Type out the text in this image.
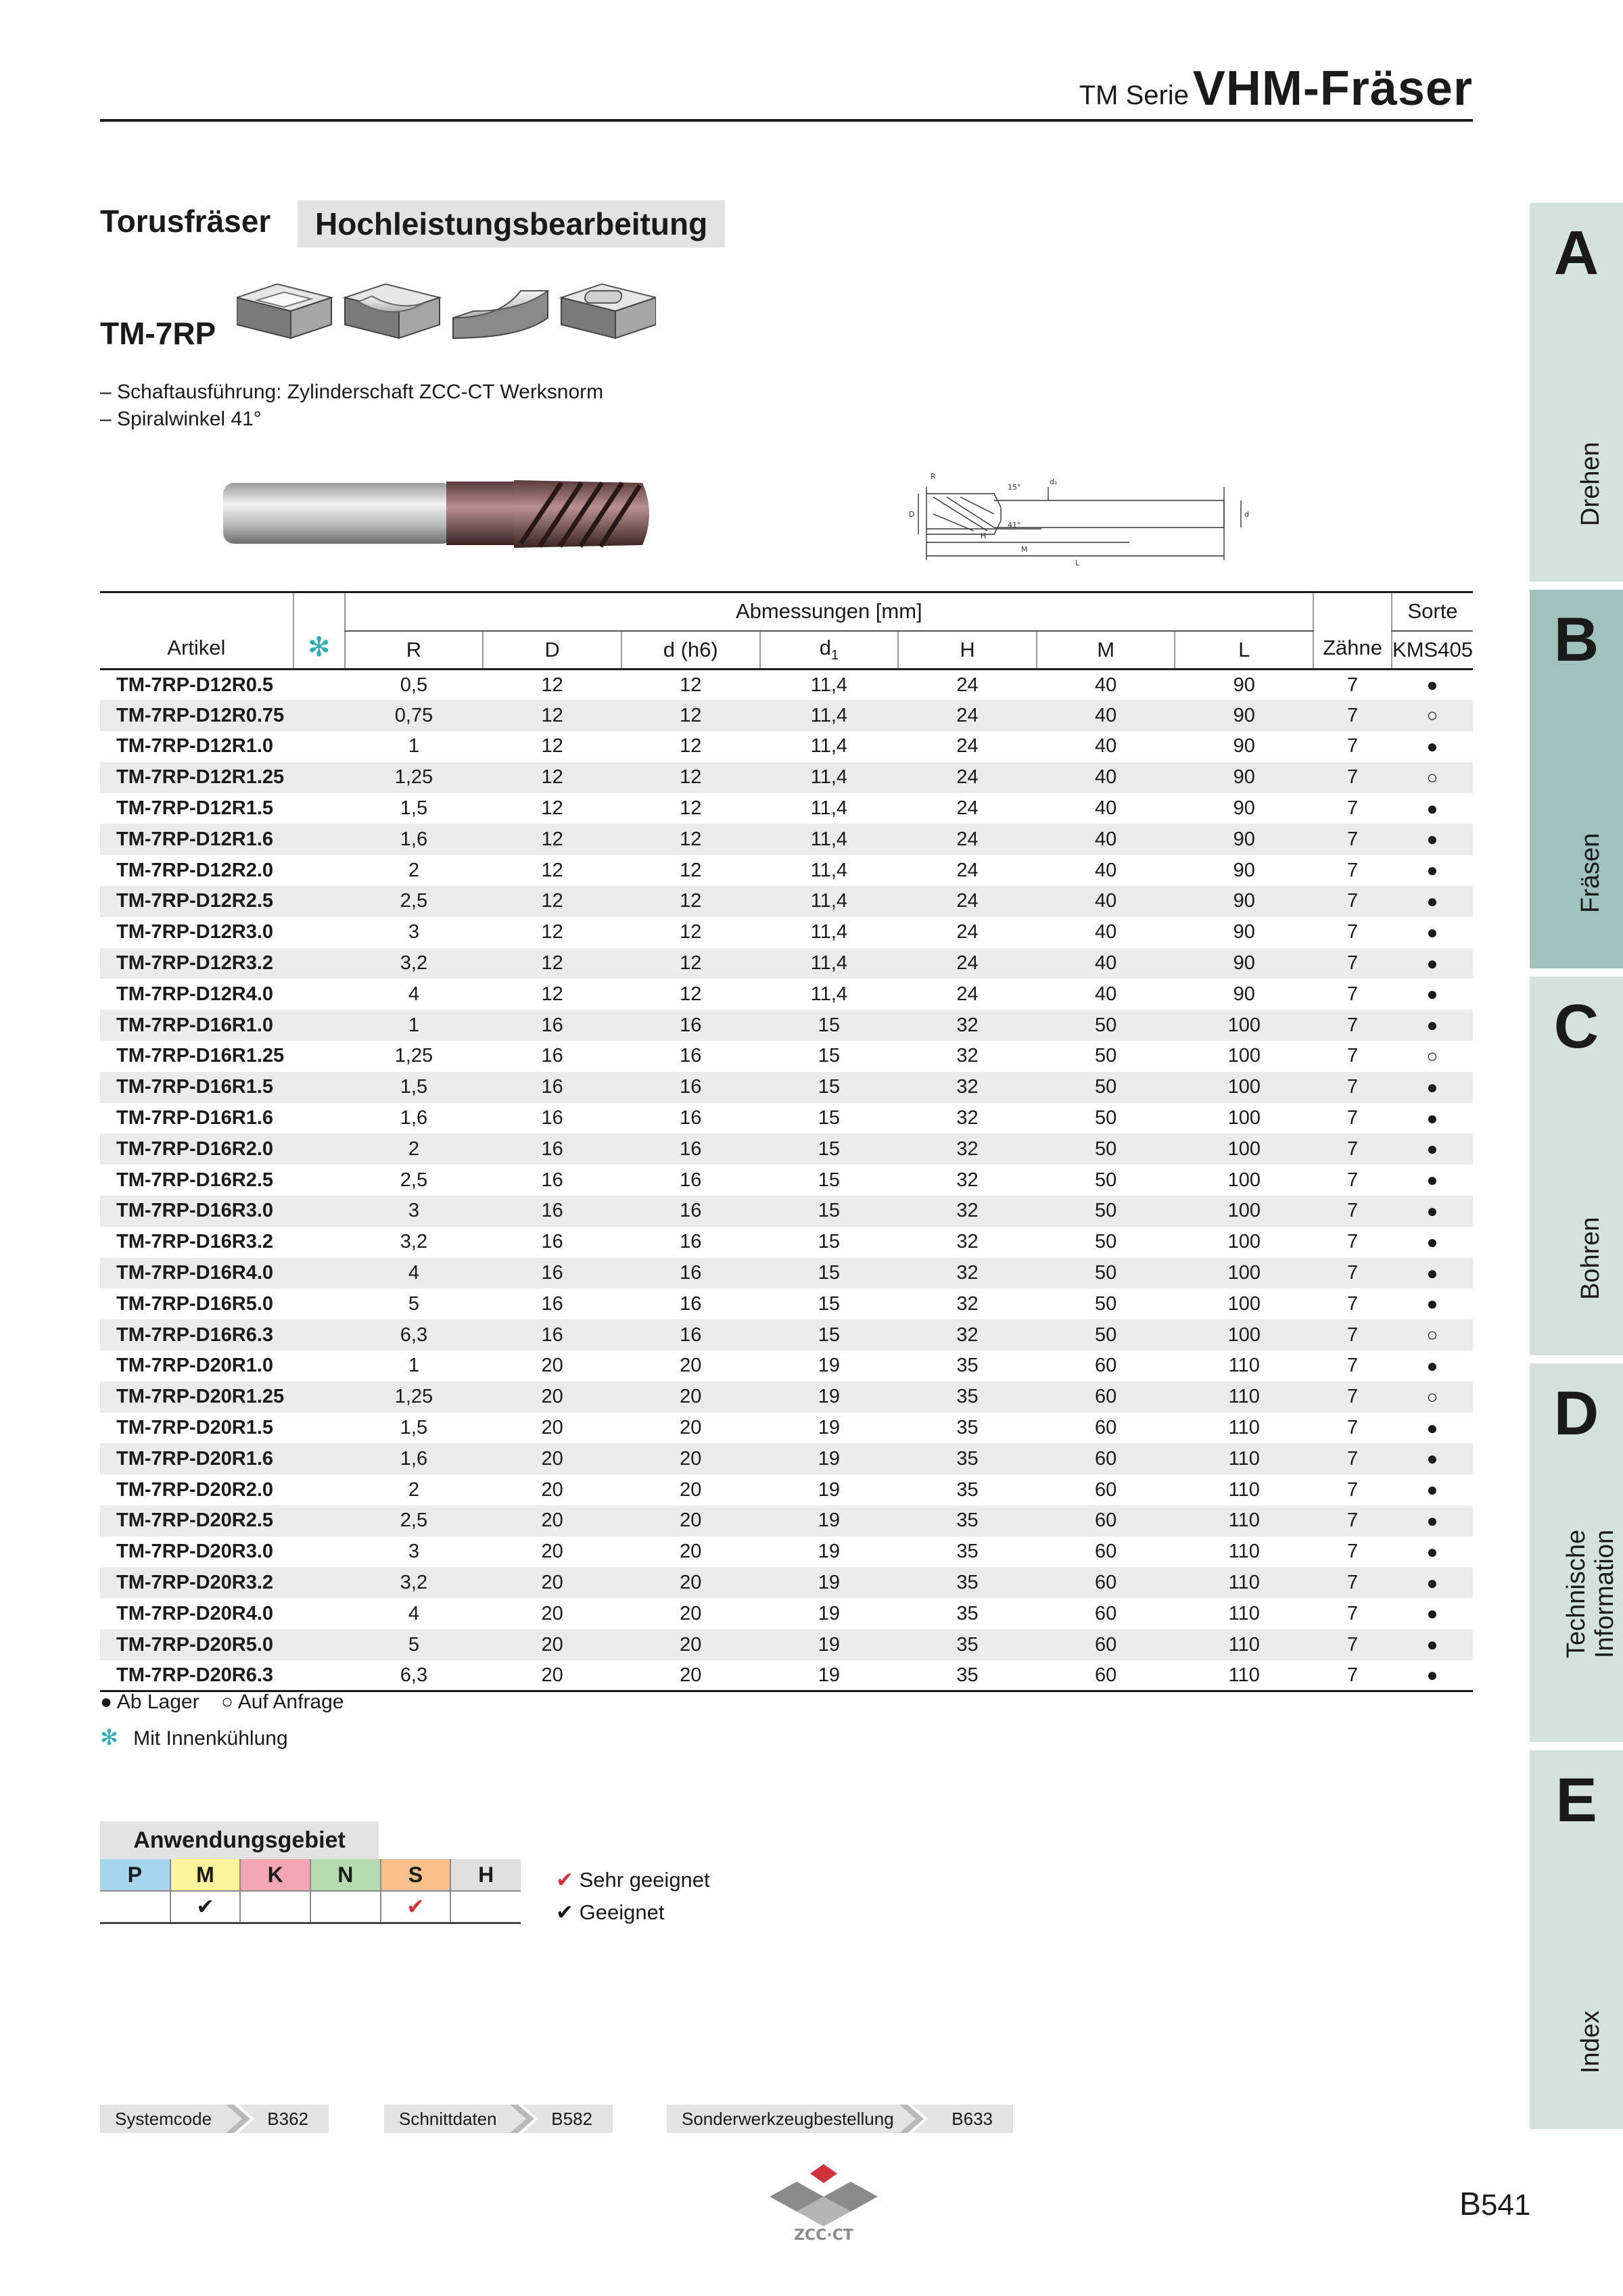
TM Serie VHM-Fräser
Torusfräser	Hochleistungsbearbeitung
TM-7RP
– Schaftausführung: Zylinderschaft ZCC-CT Werksnorm
– Spiralwinkel 41°
R
15°
d₁
D	d
41°
H
M
L
Artikel	✻	Abmessungen [mm]							Zähne	Sorte
		R	D	d (h6)	$d_1$	H	M	L		KMS405
TM-7RP-D12R0.5		0,5	12	12	11,4	24	40	90	7	●
TM-7RP-D12R0.75		0,75	12	12	11,4	24	40	90	7	○
TM-7RP-D12R1.0		1	12	12	11,4	24	40	90	7	●
TM-7RP-D12R1.25		1,25	12	12	11,4	24	40	90	7	○
TM-7RP-D12R1.5		1,5	12	12	11,4	24	40	90	7	●
TM-7RP-D12R1.6		1,6	12	12	11,4	24	40	90	7	●
TM-7RP-D12R2.0		2	12	12	11,4	24	40	90	7	●
TM-7RP-D12R2.5		2,5	12	12	11,4	24	40	90	7	●
TM-7RP-D12R3.0		3	12	12	11,4	24	40	90	7	●
TM-7RP-D12R3.2		3,2	12	12	11,4	24	40	90	7	●
TM-7RP-D12R4.0		4	12	12	11,4	24	40	90	7	●
TM-7RP-D16R1.0		1	16	16	15	32	50	100	7	●
TM-7RP-D16R1.25		1,25	16	16	15	32	50	100	7	○
TM-7RP-D16R1.5		1,5	16	16	15	32	50	100	7	●
TM-7RP-D16R1.6		1,6	16	16	15	32	50	100	7	●
TM-7RP-D16R2.0		2	16	16	15	32	50	100	7	●
TM-7RP-D16R2.5		2,5	16	16	15	32	50	100	7	●
TM-7RP-D16R3.0		3	16	16	15	32	50	100	7	●
TM-7RP-D16R3.2		3,2	16	16	15	32	50	100	7	●
TM-7RP-D16R4.0		4	16	16	15	32	50	100	7	●
TM-7RP-D16R5.0		5	16	16	15	32	50	100	7	●
TM-7RP-D16R6.3		6,3	16	16	15	32	50	100	7	○
TM-7RP-D20R1.0		1	20	20	19	35	60	110	7	●
TM-7RP-D20R1.25		1,25	20	20	19	35	60	110	7	○
TM-7RP-D20R1.5		1,5	20	20	19	35	60	110	7	●
TM-7RP-D20R1.6		1,6	20	20	19	35	60	110	7	●
TM-7RP-D20R2.0		2	20	20	19	35	60	110	7	●
TM-7RP-D20R2.5		2,5	20	20	19	35	60	110	7	●
TM-7RP-D20R3.0		3	20	20	19	35	60	110	7	●
TM-7RP-D20R3.2		3,2	20	20	19	35	60	110	7	●
TM-7RP-D20R4.0		4	20	20	19	35	60	110	7	●
TM-7RP-D20R5.0		5	20	20	19	35	60	110	7	●
TM-7RP-D20R6.3		6,3	20	20	19	35	60	110	7	●
● Ab Lager ○ Auf Anfrage
✻ Mit Innenkühlung
Anwendungsgebiet
P	M	K	N	S	H
	✔			✔	
✔ Sehr geeignet
✔ Geeignet
Systemcode	B362	Schnittdaten	B582	Sonderwerkzeugbestellung	B633
ZCC·CT
B541
A
Drehen
B
Fräsen
C
Bohren
D
Technische Information
E
Index
